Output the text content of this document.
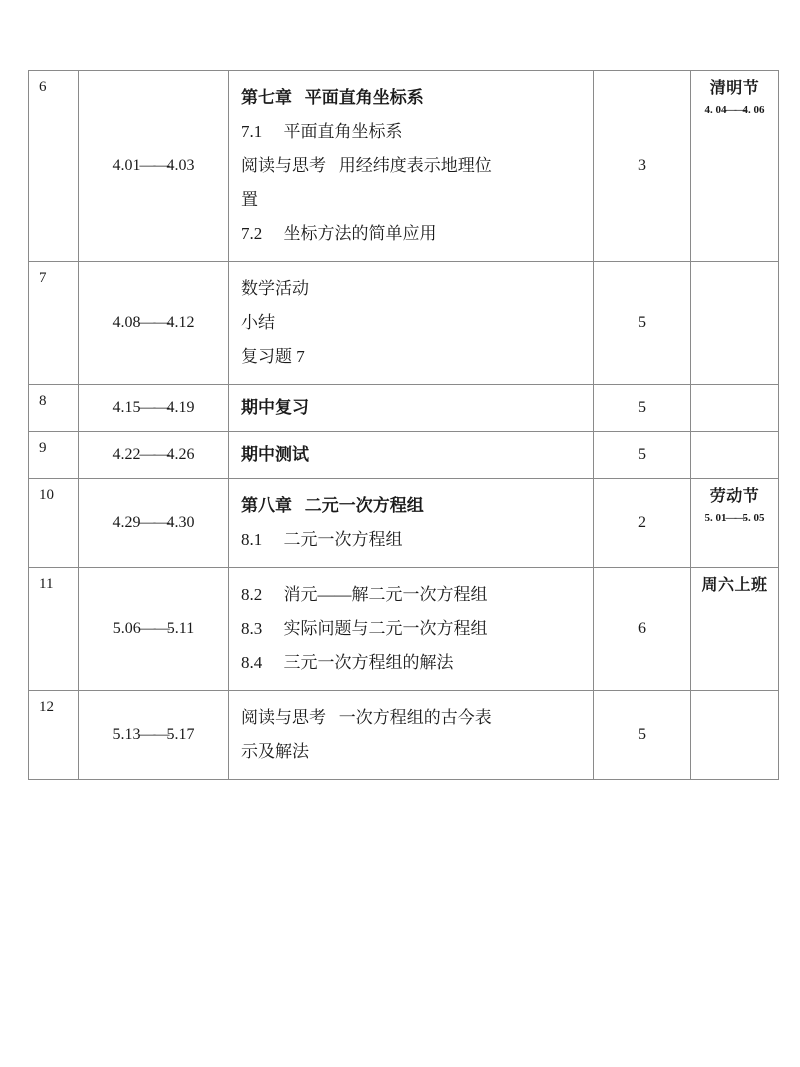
6	4.01——4.03	第七章   平面直角坐标系
7.1　 平面直角坐标系
阅读与思考   用经纬度表示地理位
置
7.2　 坐标方法的简单应用	3	清明节
4. 04——4. 06

7	4.08——4.12	数学活动
小结
复习题 7	5	
8	4.15——4.19	期中复习	5	
9	4.22——4.26	期中测试	5	
10	4.29——4.30	第八章   二元一次方程组
8.1　 二元一次方程组	2	劳动节
5. 01——5. 05

11	5.06——5.11	8.2　 消元——解二元一次方程组
8.3　 实际问题与二元一次方程组
8.4　 三元一次方程组的解法	6	周六上班

12	5.13——5.17	阅读与思考   一次方程组的古今表
示及解法	5	
